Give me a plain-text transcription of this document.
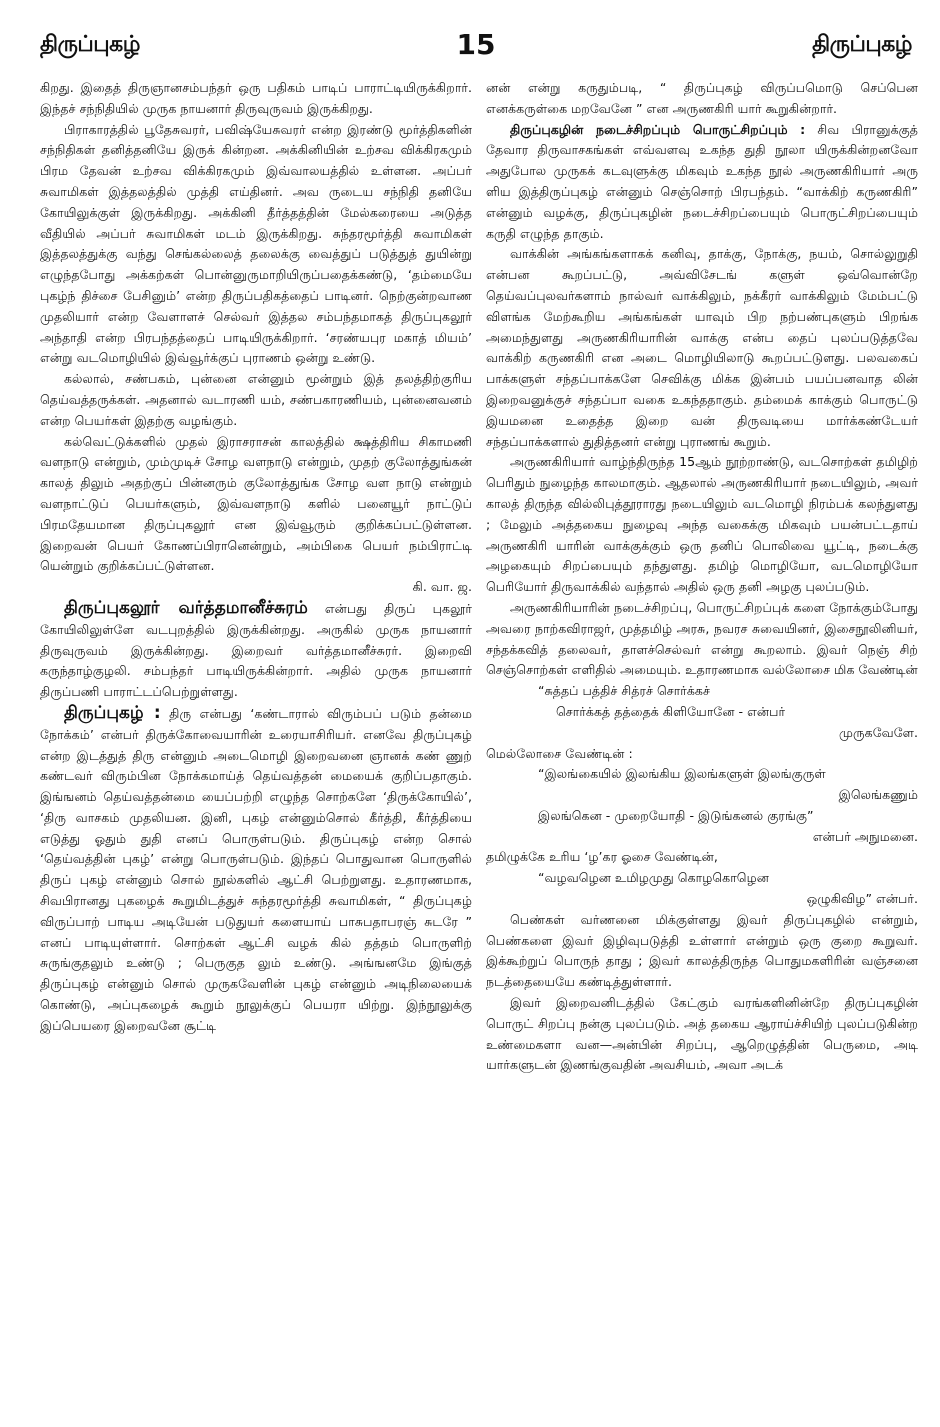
திருப்புகழ்	15	திருப்புகழ்

கிறது. இதைத் திருஞானசம்பந்தர் ஒரு பதிகம் பாடிப் பாராட்டியிருக்கிறார். இந்தச் சந்நிதியில் முருக நாயனார் திருவுருவம் இருக்கிறது.

பிராகாரத்தில் பூதேசுவரர், பவிஷ்யேசுவரர் என்ற இரண்டு மூர்த்திகளின் சந்நிதிகள் தனித்தனியே இருக் கின்றன. அக்கினியின் உற்சவ விக்கிரகமும் பிரம தேவன் உற்சவ விக்கிரகமும் இவ்வாலயத்தில் உள்ளன. அப்பர் சுவாமிகள் இத்தலத்தில் முத்தி எய்தினர். அவ ருடைய சந்நிதி தனியே கோயிலுக்குள் இருக்கிறது. அக்கினி தீர்த்தத்தின் மேல்கரையை அடுத்த வீதியில் அப்பர் சுவாமிகள் மடம் இருக்கிறது. சுந்தரமூர்த்தி சுவாமிகள் இத்தலத்துக்கு வந்து செங்கல்லைத் தலைக்கு வைத்துப் படுத்துத் துயின்று எழுந்தபோது அக்கற்கள் பொன்னுருமாறியிருப்பதைக்கண்டு, ‘தம்மையே புகழ்ந் திச்சை பேசினும்’ என்ற திருப்பதிகத்தைப் பாடினர். நெற்குன்றவாண முதலியார் என்ற வேளாளச் செல்வர் இத்தல சம்பந்தமாகத் திருப்புகலூர் அந்தாதி என்ற பிரபந்தத்தைப் பாடியிருக்கிறார். ‘சரண்யபுர மகாத் மியம்’ என்று வடமொழியில் இவ்வூர்க்குப் புராணம் ஒன்று உண்டு.

கல்லால், சண்பகம், புன்னை என்னும் மூன்றும் இத் தலத்திற்குரிய தெய்வத்தருக்கள். அதனால் வடாரணி யம், சண்பகாரணியம், புன்னைவனம் என்ற பெயர்கள் இதற்கு வழங்கும்.

கல்வெட்டுக்களில் முதல் இராசராசன் காலத்தில் க்ஷத்திரிய சிகாமணி வளநாடு என்றும், மும்முடிச் சோழ வளநாடு என்றும், முதற் குலோத்துங்கன் காலத் திலும் அதற்குப் பின்னரும் குலோத்துங்க சோழ வள நாடு என்றும் வளநாட்டுப் பெயர்களும், இவ்வளநாடு களில் பனையூர் நாட்டுப் பிரமதேயமான திருப்புகலூர் என இவ்வூரும் குறிக்கப்பட்டுள்ளன. இறைவன் பெயர் கோணப்பிரானென்றும், அம்பிகை பெயர் நம்பிராட்டி யென்றும் குறிக்கப்பட்டுள்ளன.

கி. வா. ஜ.

திருப்புகலூர் வர்த்தமானீச்சுரம் என்பது திருப் புகலூர் கோயிலிலுள்ளே வடபுறத்தில் இருக்கின்றது. அருகில் முருக நாயனார் திருவுருவம் இருக்கின்றது. இறைவர் வர்த்தமானீச்சுரர். இறைவி கருந்தாழ்குழலி. சம்பந்தர் பாடியிருக்கின்றார். அதில் முருக நாயனார் திருப்பணி பாராட்டப்பெற்றுள்ளது.

திருப்புகழ் : திரு என்பது ‘கண்டாரால் விரும்பப் படும் தன்மை நோக்கம்’ என்பர் திருக்கோவையாரின் உரையாசிரியர். எனவே திருப்புகழ் என்ற இடத்துத் திரு என்னும் அடைமொழி இறைவனை ஞானக் கண் ணுற் கண்டவர் விரும்பின நோக்கமாய்த் தெய்வத்தன் மையைக் குறிப்பதாகும். இங்ஙனம் தெய்வத்தன்மை யைப்பற்றி எழுந்த சொற்களே ‘திருக்கோயில்’, ‘திரு வாசகம் முதலியன. இனி, புகழ் என்னும்சொல் கீர்த்தி, கீர்த்தியை எடுத்து ஓதும் துதி எனப் பொருள்படும். திருப்புகழ் என்ற சொல் ‘தெய்வத்தின் புகழ்’ என்று பொருள்படும். இந்தப் பொதுவான பொருளில் திருப் புகழ் என்னும் சொல் நூல்களில் ஆட்சி பெற்றுளது. உதாரணமாக, சிவபிரானது புகழைக் கூறுமிடத்துச் சுந்தரமூர்த்தி சுவாமிகள், “ திருப்புகழ் விருப்பாற் பாடிய அடியேன் படுதுயர் களையாய் பாசுபதாபரஞ் சுடரே ” எனப் பாடியுள்ளார். சொற்கள் ஆட்சி வழக் கில் தத்தம் பொருளிற் சுருங்குதலும் உண்டு ; பெருகுத லும் உண்டு. அங்ஙனமே இங்குத் திருப்புகழ் என்னும் சொல் முருகவேளின் புகழ் என்னும் அடிநிலையைக் கொண்டு, அப்புகழைக் கூறும் நூலுக்குப் பெயரா யிற்று. இந்நூலுக்கு இப்பெயரை இறைவனே சூட்டி

னன் என்று கருதும்படி, “ திருப்புகழ் விருப்பமொடு செப்பென எனக்கருள்கை மறவேனே ” என அருணகிரி யார் கூறுகின்றார்.

திருப்புகழின் நடைச்சிறப்பும் பொருட்சிறப்பும் : சிவ பிரானுக்குத் தேவார திருவாசகங்கள் எவ்வளவு உகந்த துதி நூலா யிருக்கின்றனவோ அதுபோல முருகக் கடவுளுக்கு மிகவும் உகந்த நூல் அருணகிரியார் அரு ளிய இத்திருப்புகழ் என்னும் செஞ்சொற் பிரபந்தம். “வாக்கிற் கருணகிரி” என்னும் வழக்கு, திருப்புகழின் நடைச்சிறப்பையும் பொருட்சிறப்பையும் கருதி எழுந்த தாகும்.

வாக்கின் அங்கங்களாகக் கனிவு, தாக்கு, நோக்கு, நயம், சொல்லுறுதி என்பன கூறப்பட்டு, அவ்விசேடங் களுள் ஒவ்வொன்றே தெய்வப்புலவர்களாம் நால்வர் வாக்கிலும், நக்கீரர் வாக்கிலும் மேம்பட்டு விளங்க மேற்கூறிய அங்கங்கள் யாவும் பிற நற்பண்புகளும் பிறங்க அமைந்துளது அருணகிரியாரின் வாக்கு என்ப தைப் புலப்படுத்தவே வாக்கிற் கருணகிரி என அடை மொழியிலாடு கூறப்பட்டுளது. பலவகைப் பாக்களுள் சந்தப்பாக்களே செவிக்கு மிக்க இன்பம் பயப்பனவாத லின் இறைவனுக்குச் சந்தப்பா வகை உகந்ததாகும். தம்மைக் காக்கும் பொருட்டு இயமனை உதைத்த இறை வன் திருவடியை மார்க்கண்டேயர் சந்தப்பாக்களால் துதித்தனர் என்று புராணங் கூறும்.

அருணகிரியார் வாழ்ந்திருந்த 15ஆம் நூற்றாண்டு, வடசொற்கள் தமிழிற் பெரிதும் நுழைந்த காலமாகும். ஆதலால் அருணகிரியார் நடையிலும், அவர் காலத் திருந்த வில்லிபுத்தூராரது நடையிலும் வடமொழி நிரம்பக் கலந்துளது ; மேலும் அத்தகைய நுழைவு அந்த வகைக்கு மிகவும் பயன்பட்டதாய் அருணகிரி யாரின் வாக்குக்கும் ஒரு தனிப் பொலிவை யூட்டி, நடைக்கு அழகையும் சிறப்பையும் தந்துளது. தமிழ் மொழியோ, வடமொழியோ பெரியோர் திருவாக்கில் வந்தால் அதில் ஒரு தனி அழகு புலப்படும்.

அருணகிரியாரின் நடைச்சிறப்பு, பொருட்சிறப்புக் களை நோக்கும்போது அவரை நாற்கவிராஜர், முத்தமிழ் அரசு, நவரச சுவையினர், இசைநூலினியர், சந்தக்கவித் தலைவர், தாளச்செல்வர் என்று கூறலாம். இவர் நெஞ் சிற் செஞ்சொற்கள் எளிதில் அமையும். உதாரணமாக வல்லோசை மிக வேண்டின்

“சுத்தப் பத்திச் சித்ரச் சொர்க்கச்

சொர்க்கத் தத்தைக் கிளியோனே - என்பர்

முருகவேளே.

மெல்லோசை வேண்டின் :

“இலங்கையில் இலங்கிய இலங்களுள் இலங்குருள்

இலெங்கணும்

இலங்கென - முறையோதி - இடுங்கனல் குரங்கு”

என்பர் அநுமனை.

தமிழுக்கே உரிய ‘ழ’கர ஓசை வேண்டின்,

“வழவழென உமிழமுது கொழகொழென

ஒழுகிவிழ” என்பர்.

பெண்கள் வர்ணனை மிக்குள்ளது இவர் திருப்புகழில் என்றும், பெண்களை இவர் இழிவுபடுத்தி உள்ளார் என்றும் ஒரு குறை கூறுவர். இக்கூற்றுப் பொருந் தாது ; இவர் காலத்திருந்த பொதுமகளிரின் வஞ்சனை நடத்தையையே கண்டித்துள்ளார்.

இவர் இறைவனிடத்தில் கேட்கும் வரங்களினின்றே திருப்புகழின் பொருட் சிறப்பு நன்கு புலப்படும். அத் தகைய ஆராய்ச்சியிற் புலப்படுகின்ற உண்மைகளா வன—அன்பின் சிறப்பு, ஆறெழுத்தின் பெருமை, அடி யார்களுடன் இணங்குவதின் அவசியம், அவா அடக்
